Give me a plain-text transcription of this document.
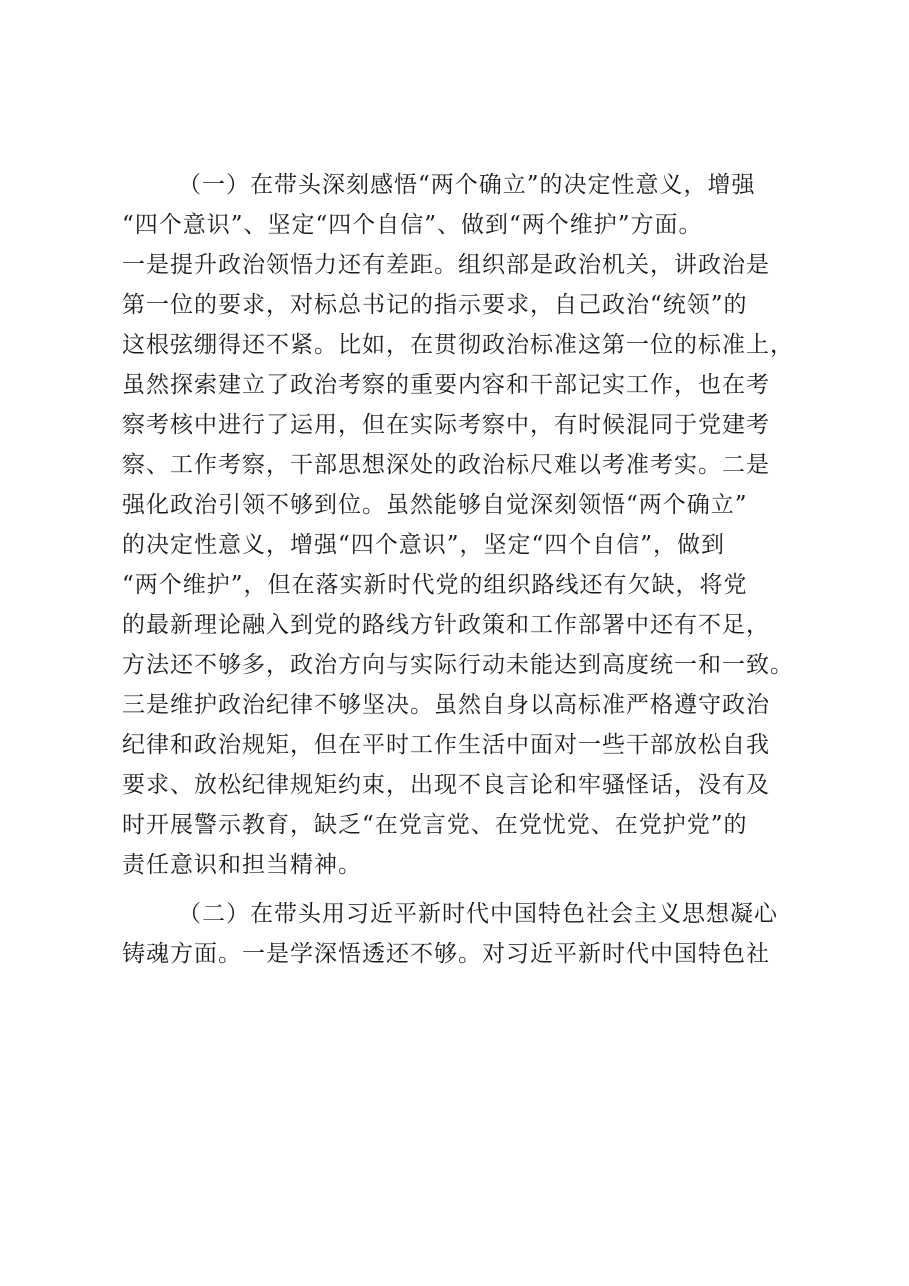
（一）在带头深刻感悟“两个确立”的决定性意义，增强
“四个意识”、坚定“四个自信”、做到“两个维护”方面。
一是提升政治领悟力还有差距。组织部是政治机关，讲政治是
第一位的要求，对标总书记的指示要求，自己政治“统领”的
这根弦绷得还不紧。比如，在贯彻政治标准这第一位的标准上，
虽然探索建立了政治考察的重要内容和干部记实工作，也在考
察考核中进行了运用，但在实际考察中，有时候混同于党建考
察、工作考察，干部思想深处的政治标尺难以考准考实。二是
强化政治引领不够到位。虽然能够自觉深刻领悟“两个确立”
的决定性意义，增强“四个意识”，坚定“四个自信”，做到
“两个维护”，但在落实新时代党的组织路线还有欠缺，将党
的最新理论融入到党的路线方针政策和工作部署中还有不足，
方法还不够多，政治方向与实际行动未能达到高度统一和一致。
三是维护政治纪律不够坚决。虽然自身以高标准严格遵守政治
纪律和政治规矩，但在平时工作生活中面对一些干部放松自我
要求、放松纪律规矩约束，出现不良言论和牢骚怪话，没有及
时开展警示教育，缺乏“在党言党、在党忧党、在党护党”的
责任意识和担当精神。
（二）在带头用习近平新时代中国特色社会主义思想凝心
铸魂方面。一是学深悟透还不够。对习近平新时代中国特色社
